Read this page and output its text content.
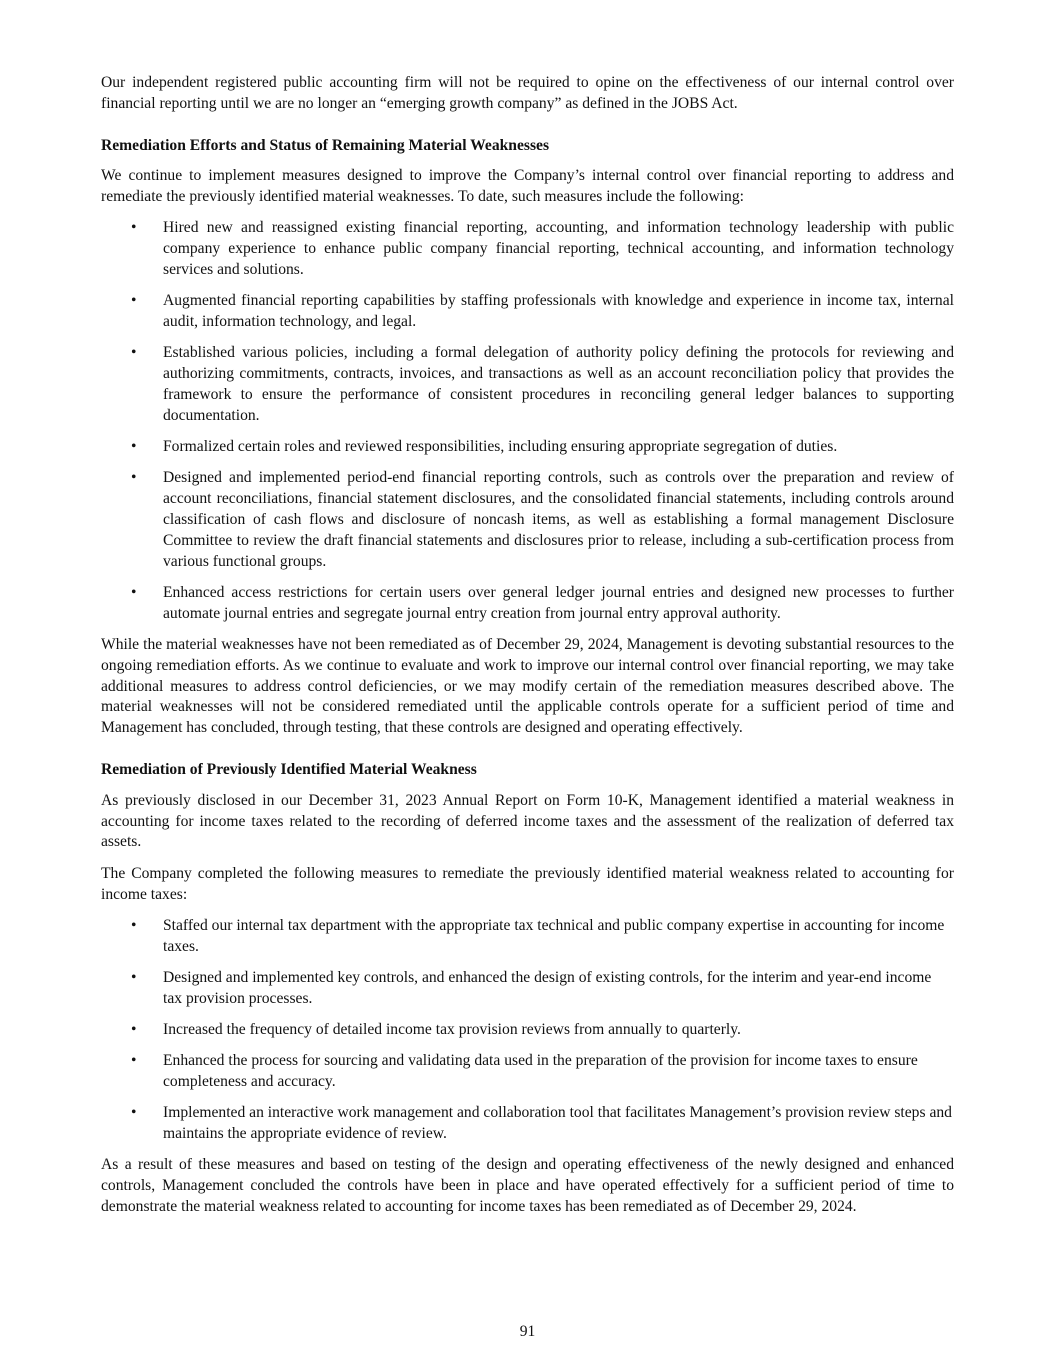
Our independent registered public accounting firm will not be required to opine on the effectiveness of our internal control over financial reporting until we are no longer an “emerging growth company” as defined in the JOBS Act.

Remediation Efforts and Status of Remaining Material Weaknesses

We continue to implement measures designed to improve the Company’s internal control over financial reporting to address and remediate the previously identified material weaknesses. To date, such measures include the following:

• Hired new and reassigned existing financial reporting, accounting, and information technology leadership with public company experience to enhance public company financial reporting, technical accounting, and information technology services and solutions.
• Augmented financial reporting capabilities by staffing professionals with knowledge and experience in income tax, internal audit, information technology, and legal.
• Established various policies, including a formal delegation of authority policy defining the protocols for reviewing and authorizing commitments, contracts, invoices, and transactions as well as an account reconciliation policy that provides the framework to ensure the performance of consistent procedures in reconciling general ledger balances to supporting documentation.
• Formalized certain roles and reviewed responsibilities, including ensuring appropriate segregation of duties.
• Designed and implemented period-end financial reporting controls, such as controls over the preparation and review of account reconciliations, financial statement disclosures, and the consolidated financial statements, including controls around classification of cash flows and disclosure of noncash items, as well as establishing a formal management Disclosure Committee to review the draft financial statements and disclosures prior to release, including a sub-certification process from various functional groups.
• Enhanced access restrictions for certain users over general ledger journal entries and designed new processes to further automate journal entries and segregate journal entry creation from journal entry approval authority.

While the material weaknesses have not been remediated as of December 29, 2024, Management is devoting substantial resources to the ongoing remediation efforts. As we continue to evaluate and work to improve our internal control over financial reporting, we may take additional measures to address control deficiencies, or we may modify certain of the remediation measures described above. The material weaknesses will not be considered remediated until the applicable controls operate for a sufficient period of time and Management has concluded, through testing, that these controls are designed and operating effectively.

Remediation of Previously Identified Material Weakness

As previously disclosed in our December 31, 2023 Annual Report on Form 10-K, Management identified a material weakness in accounting for income taxes related to the recording of deferred income taxes and the assessment of the realization of deferred tax assets.

The Company completed the following measures to remediate the previously identified material weakness related to accounting for income taxes:

• Staffed our internal tax department with the appropriate tax technical and public company expertise in accounting for income taxes.
• Designed and implemented key controls, and enhanced the design of existing controls, for the interim and year-end income tax provision processes.
• Increased the frequency of detailed income tax provision reviews from annually to quarterly.
• Enhanced the process for sourcing and validating data used in the preparation of the provision for income taxes to ensure completeness and accuracy.
• Implemented an interactive work management and collaboration tool that facilitates Management’s provision review steps and maintains the appropriate evidence of review.

As a result of these measures and based on testing of the design and operating effectiveness of the newly designed and enhanced controls, Management concluded the controls have been in place and have operated effectively for a sufficient period of time to demonstrate the material weakness related to accounting for income taxes has been remediated as of December 29, 2024.

91
